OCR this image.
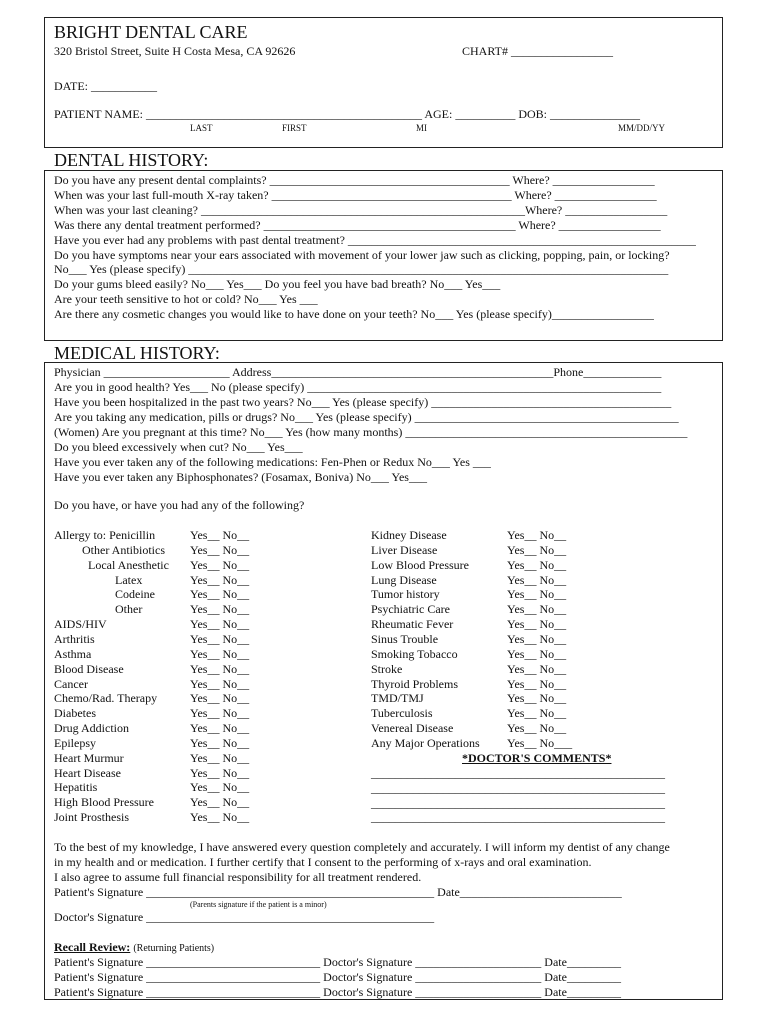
BRIGHT DENTAL CARE
320 Bristol Street, Suite H Costa Mesa, CA 92626	CHART# _________________
DATE: ___________
PATIENT NAME: ______________________________________________ AGE: __________ DOB: _______________
LAST	FIRST	MI	MM/DD/YY
DENTAL HISTORY:
Do you have any present dental complaints? ________________________________________ Where? _________________
When was your last full-mouth X-ray taken? ________________________________________ Where? _________________
When was your last cleaning? ______________________________________________________Where? _________________
Was there any dental treatment performed? __________________________________________ Where? _________________
Have you ever had any problems with past dental treatment? __________________________________________________________
Do you have symptoms near your ears associated with movement of your lower jaw such as clicking, popping, pain, or locking?
No___ Yes (please specify) ________________________________________________________________________________
Do your gums bleed easily? No___ Yes___ Do you feel you have bad breath? No___ Yes___
Are your teeth sensitive to hot or cold? No___ Yes ___
Are there any cosmetic changes you would like to have done on your teeth? No___ Yes (please specify)_________________
MEDICAL HISTORY:
Physician _____________________ Address_______________________________________________Phone_____________
Are you in good health? Yes___ No (please specify) ___________________________________________________________
Have you been hospitalized in the past two years? No___ Yes (please specify) ________________________________________
Are you taking any medication, pills or drugs? No___ Yes (please specify) ____________________________________________
(Women) Are you pregnant at this time? No___ Yes (how many months) _______________________________________________
Do you bleed excessively when cut? No___ Yes___
Have you ever taken any of the following medications: Fen-Phen or Redux No___ Yes ___
Have you ever taken any Biphosphonates? (Fosamax, Boniva) No___ Yes___
Do you have, or have you had any of the following?
Allergy to: Penicillin	Yes__ No__
Other Antibiotics Yes__ No__
Local Anesthetic Yes__ No__
Latex	Yes__ No__
Codeine	Yes__ No__
Other	Yes__ No__
AIDS/HIV	Yes__ No__
Arthritis	Yes__ No__
Asthma	Yes__ No__
Blood Disease	Yes__ No__
Cancer	Yes__ No__
Chemo/Rad. Therapy	Yes__ No__
Diabetes	Yes__ No__
Drug Addiction	Yes__ No__
Epilepsy	Yes__ No__
Heart Murmur	Yes__ No__
Heart Disease	Yes__ No__
Hepatitis	Yes__ No__
High Blood Pressure	Yes__ No__
Joint Prosthesis	Yes__ No__
Kidney Disease	Yes__ No__
Liver Disease	Yes__ No__
Low Blood Pressure	Yes__ No__
Lung Disease	Yes__ No__
Tumor history	Yes__ No__
Psychiatric Care	Yes__ No__
Rheumatic Fever	Yes__ No__
Sinus Trouble	Yes__ No__
Smoking Tobacco	Yes__ No__
Stroke	Yes__ No__
Thyroid Problems	Yes__ No__
TMD/TMJ	Yes__ No__
Tuberculosis	Yes__ No__
Venereal Disease	Yes__ No__
Any Major Operations Yes__ No___
*DOCTOR'S COMMENTS*
_________________________________________________
_________________________________________________
_________________________________________________
_________________________________________________
To the best of my knowledge, I have answered every question completely and accurately. I will inform my dentist of any change
in my health and or medication. I further certify that I consent to the performing of x-rays and oral examination.
I also agree to assume full financial responsibility for all treatment rendered.
Patient's Signature ________________________________________________ Date___________________________
(Parents signature if the patient is a minor)
Doctor's Signature ________________________________________________
Recall Review: (Returning Patients)
Patient's Signature _____________________________ Doctor's Signature _____________________ Date_________
Patient's Signature _____________________________ Doctor's Signature _____________________ Date_________
Patient's Signature _____________________________ Doctor's Signature _____________________ Date_________
